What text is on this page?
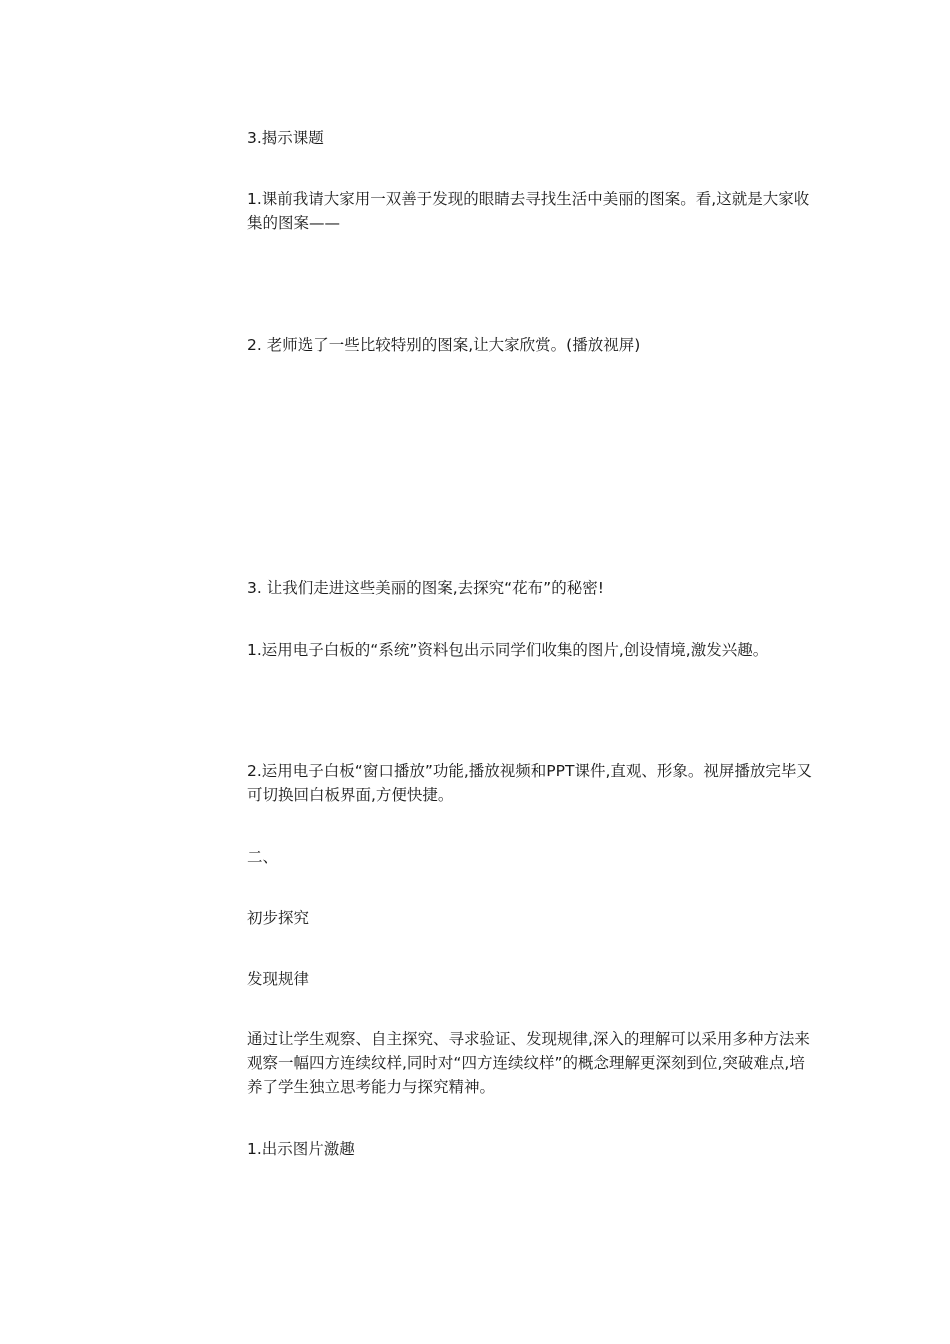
3.揭示课题

1.课前我请大家用一双善于发现的眼睛去寻找生活中美丽的图案。看,这就是大家收集的图案——

2. 老师选了一些比较特别的图案,让大家欣赏。(播放视屏)

3. 让我们走进这些美丽的图案,去探究“花布”的秘密!

1.运用电子白板的“系统”资料包出示同学们收集的图片,创设情境,激发兴趣。

2.运用电子白板“窗口播放”功能,播放视频和PPT课件,直观、形象。视屏播放完毕又可切换回白板界面,方便快捷。

二、

初步探究

发现规律

通过让学生观察、自主探究、寻求验证、发现规律,深入的理解可以采用多种方法来观察一幅四方连续纹样,同时对“四方连续纹样”的概念理解更深刻到位,突破难点,培养了学生独立思考能力与探究精神。

1.出示图片激趣
